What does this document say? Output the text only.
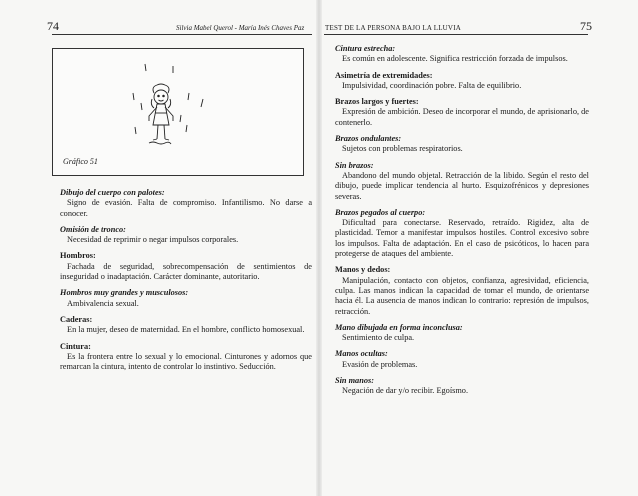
74	Silvia Mabel Querol - María Inés Chaves Paz
Gráfico 51

Dibujo del cuerpo con palotes:

Signo de evasión. Falta de compromiso. Infantilismo. No darse a conocer.

Omisión de tronco:

Necesidad de reprimir o negar impulsos corporales.

Hombros:

Fachada de seguridad, sobrecompensación de sentimientos de inseguridad o inadaptación. Carácter dominante, autoritario.

Hombros muy grandes y musculosos:

Ambivalencia sexual.

Caderas:

En la mujer, deseo de maternidad. En el hombre, conflicto homosexual.

Cintura:

Es la frontera entre lo sexual y lo emocional. Cinturones y adornos que remarcan la cintura, intento de controlar lo instintivo. Seducción.

TEST DE LA PERSONA BAJO LA LLUVIA	75

Cintura estrecha:

Es común en adolescente. Significa restricción forzada de impulsos.

Asimetría de extremidades:

Impulsividad, coordinación pobre. Falta de equilibrio.

Brazos largos y fuertes:

Expresión de ambición. Deseo de incorporar el mundo, de aprisionarlo, de contenerlo.

Brazos ondulantes:

Sujetos con problemas respiratorios.

Sin brazos:

Abandono del mundo objetal. Retracción de la libido. Según el resto del dibujo, puede implicar tendencia al hurto. Esquizofrénicos y depresiones severas.

Brazos pegados al cuerpo:

Dificultad para conectarse. Reservado, retraído. Rigidez, alta de plasticidad. Temor a manifestar impulsos hostiles. Control excesivo sobre los impulsos. Falta de adaptación. En el caso de psicóticos, lo hacen para protegerse de ataques del ambiente.

Manos y dedos:

Manipulación, contacto con objetos, confianza, agresividad, eficiencia, culpa. Las manos indican la capacidad de tomar el mundo, de orientarse hacia él. La ausencia de manos indican lo contrario: represión de impulsos, retracción.

Mano dibujada en forma inconclusa:

Sentimiento de culpa.

Manos ocultas:

Evasión de problemas.

Sin manos:

Negación de dar y/o recibir. Egoísmo.
